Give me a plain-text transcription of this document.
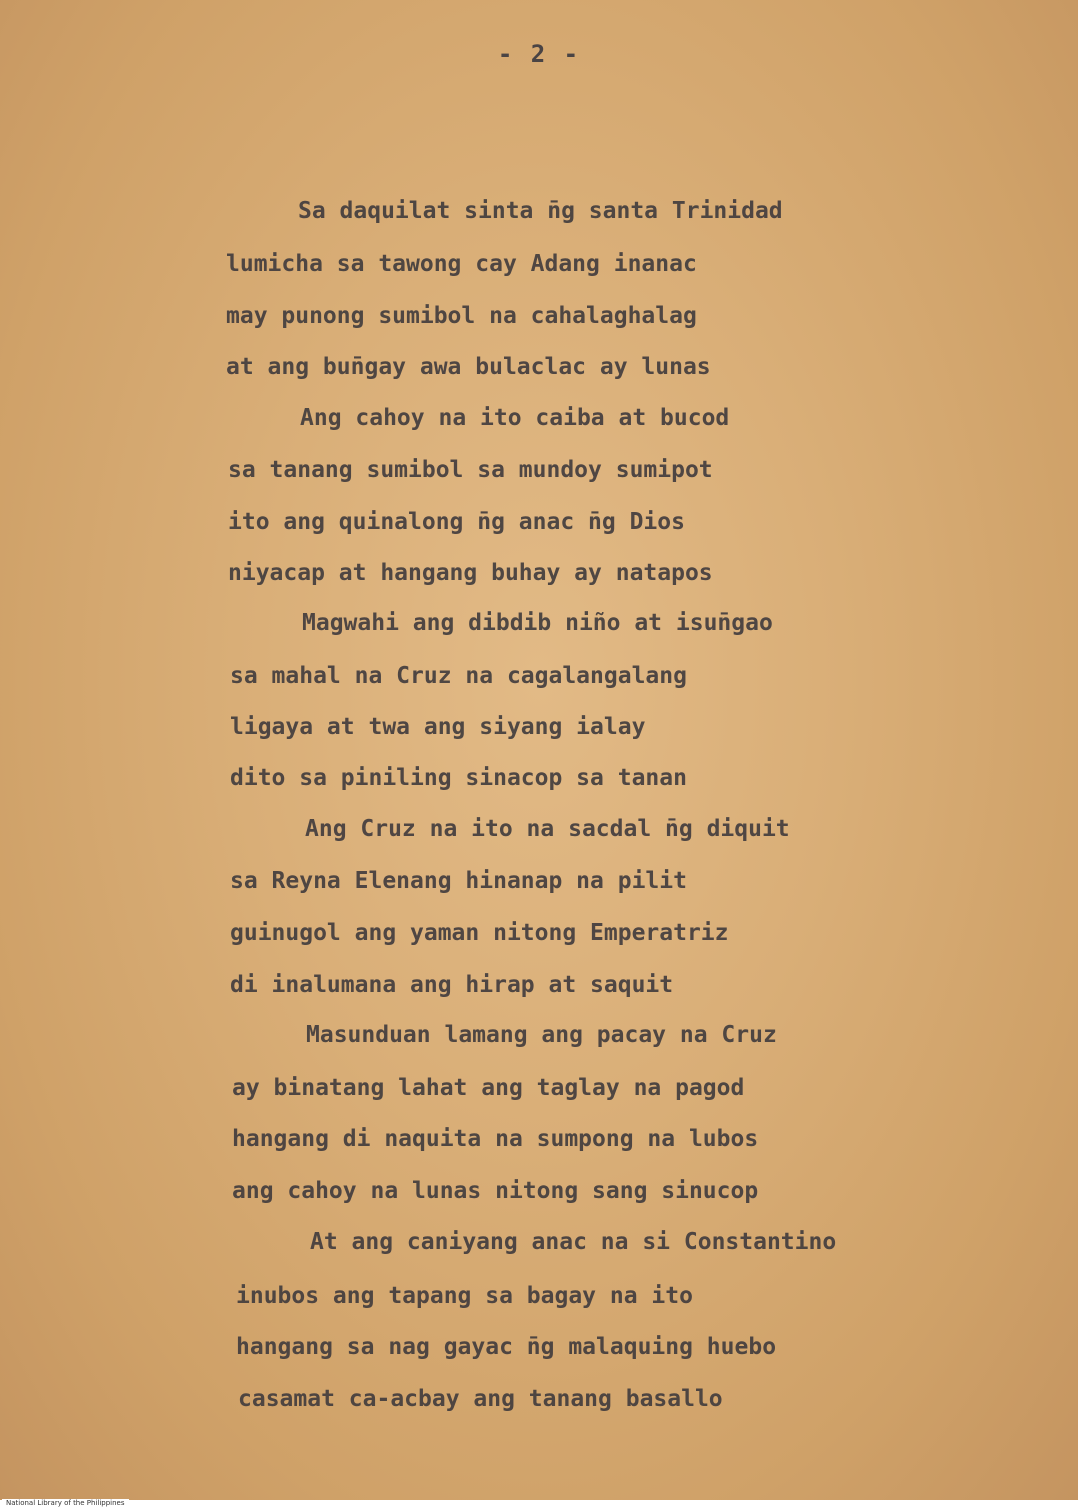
- 2 -
Sa daquilat sinta n̄g santa Trinidad
lumicha sa tawong cay Adang inanac
may punong sumibol na cahalaghalag
at ang bun̄gay awa bulaclac ay lunas
Ang cahoy na ito caiba at bucod
sa tanang sumibol sa mundoy sumipot
ito ang quinalong n̄g anac n̄g Dios
niyacap at hangang buhay ay natapos
Magwahi ang dibdib niño at isun̄gao
sa mahal na Cruz na cagalangalang
ligaya at twa ang siyang ialay
dito sa piniling sinacop sa tanan
Ang Cruz na ito na sacdal n̄g diquit
sa Reyna Elenang hinanap na pilit
guinugol ang yaman nitong Emperatriz
di inalumana ang hirap at saquit
Masunduan lamang ang pacay na Cruz
ay binatang lahat ang taglay na pagod
hangang di naquita na sumpong na lubos
ang cahoy na lunas nitong sang sinucop
At ang caniyang anac na si Constantino
inubos ang tapang sa bagay na ito
hangang sa nag gayac n̄g malaquing huebo
casamat ca-acbay ang tanang basallo
National Library of the Philippines
